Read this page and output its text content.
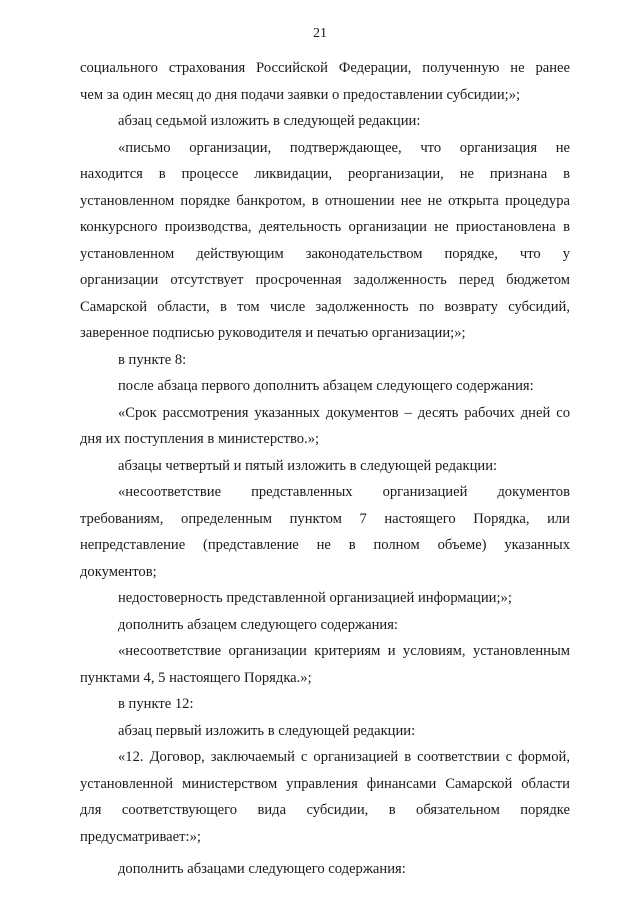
21
социального страхования Российской Федерации, полученную не ранее
чем за один месяц до дня подачи заявки о предоставлении субсидии;»;
абзац седьмой изложить в следующей редакции:
«письмо организации, подтверждающее, что организация не
находится в процессе ликвидации, реорганизации, не признана в
установленном порядке банкротом, в отношении нее не открыта процедура
конкурсного производства, деятельность организации не приостановлена в
установленном действующим законодательством порядке, что у
организации отсутствует просроченная задолженность перед бюджетом
Самарской области, в том числе задолженность по возврату субсидий,
заверенное подписью руководителя и печатью организации;»;
в пункте 8:
после абзаца первого дополнить абзацем следующего содержания:
«Срок рассмотрения указанных документов – десять рабочих дней со
дня их поступления в министерство.»;
абзацы четвертый и пятый изложить в следующей редакции:
«несоответствие представленных организацией документов
требованиям, определенным пунктом 7 настоящего Порядка, или
непредставление (представление не в полном объеме) указанных
документов;
недостоверность представленной организацией информации;»;
дополнить абзацем следующего содержания:
«несоответствие организации критериям и условиям, установленным
пунктами 4, 5 настоящего Порядка.»;
в пункте 12:
абзац первый изложить в следующей редакции:
«12. Договор, заключаемый с организацией в соответствии с формой,
установленной министерством управления финансами Самарской области
для соответствующего вида субсидии, в обязательном порядке
предусматривает:»;
дополнить абзацами следующего содержания:
